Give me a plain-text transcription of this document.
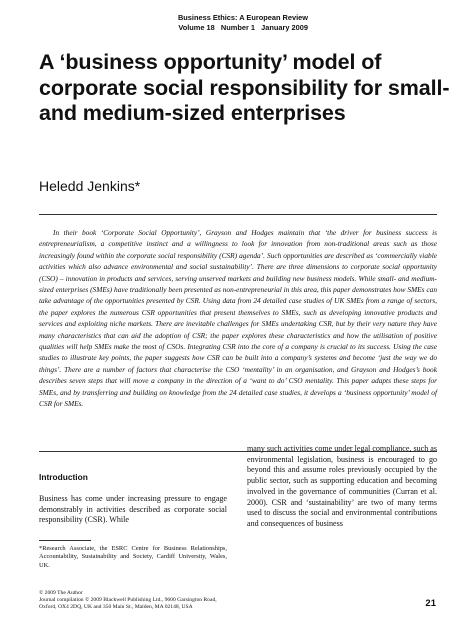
Business Ethics: A European Review
Volume 18   Number 1   January 2009
A ‘business opportunity’ model of corporate social responsibility for small- and medium-sized enterprises
Heledd Jenkins*

In their book ‘Corporate Social Opportunity’, Grayson and Hodges maintain that ‘the driver for business success is entrepreneurialism, a competitive instinct and a willingness to look for innovation from non-traditional areas such as those increasingly found within the corporate social responsibility (CSR) agenda’. Such opportunities are described as ‘commercially viable activities which also advance environmental and social sustainability’. There are three dimensions to corporate social opportunity (CSO) – innovation in products and services, serving unserved markets and building new business models. While small- and medium-sized enterprises (SMEs) have traditionally been presented as non-entrepreneurial in this area, this paper demonstrates how SMEs can take advantage of the opportunities presented by CSR. Using data from 24 detailed case studies of UK SMEs from a range of sectors, the paper explores the numerous CSR opportunities that present themselves to SMEs, such as developing innovative products and services and exploiting niche markets. There are inevitable challenges for SMEs undertaking CSR, but by their very nature they have many characteristics that can aid the adoption of CSR; the paper explores these characteristics and how the utilisation of positive qualities will help SMEs make the most of CSOs. Integrating CSR into the core of a company is crucial to its success. Using the case studies to illustrate key points, the paper suggests how CSR can be built into a company’s systems and become ‘just the way we do things’. There are a number of factors that characterise the CSO ‘mentality’ in an organisation, and Grayson and Hodges’s book describes seven steps that will move a company in the direction of a ‘want to do’ CSO mentality. This paper adapts these steps for SMEs, and by transferring and building on knowledge from the 24 detailed case studies, it develops a ‘business opportunity’ model of CSR for SMEs.

Introduction

Business has come under increasing pressure to engage demonstrably in activities described as corporate social responsibility (CSR). While

*Research Associate, the ESRC Centre for Business Relationships, Accountability, Sustainability and Society, Cardiff University, Wales, UK.

many such activities come under legal compliance, such as environmental legislation, business is encouraged to go beyond this and assume roles previously occupied by the public sector, such as supporting education and becoming involved in the governance of communities (Curran et al. 2000). CSR and ‘sustainability’ are two of many terms used to discuss the social and environmental contributions and consequences of business

© 2009 The Author
Journal compilation © 2009 Blackwell Publishing Ltd., 9600 Garsington Road,
Oxford, OX4 2DQ, UK and 350 Main St., Malden, MA 02148, USA	21
